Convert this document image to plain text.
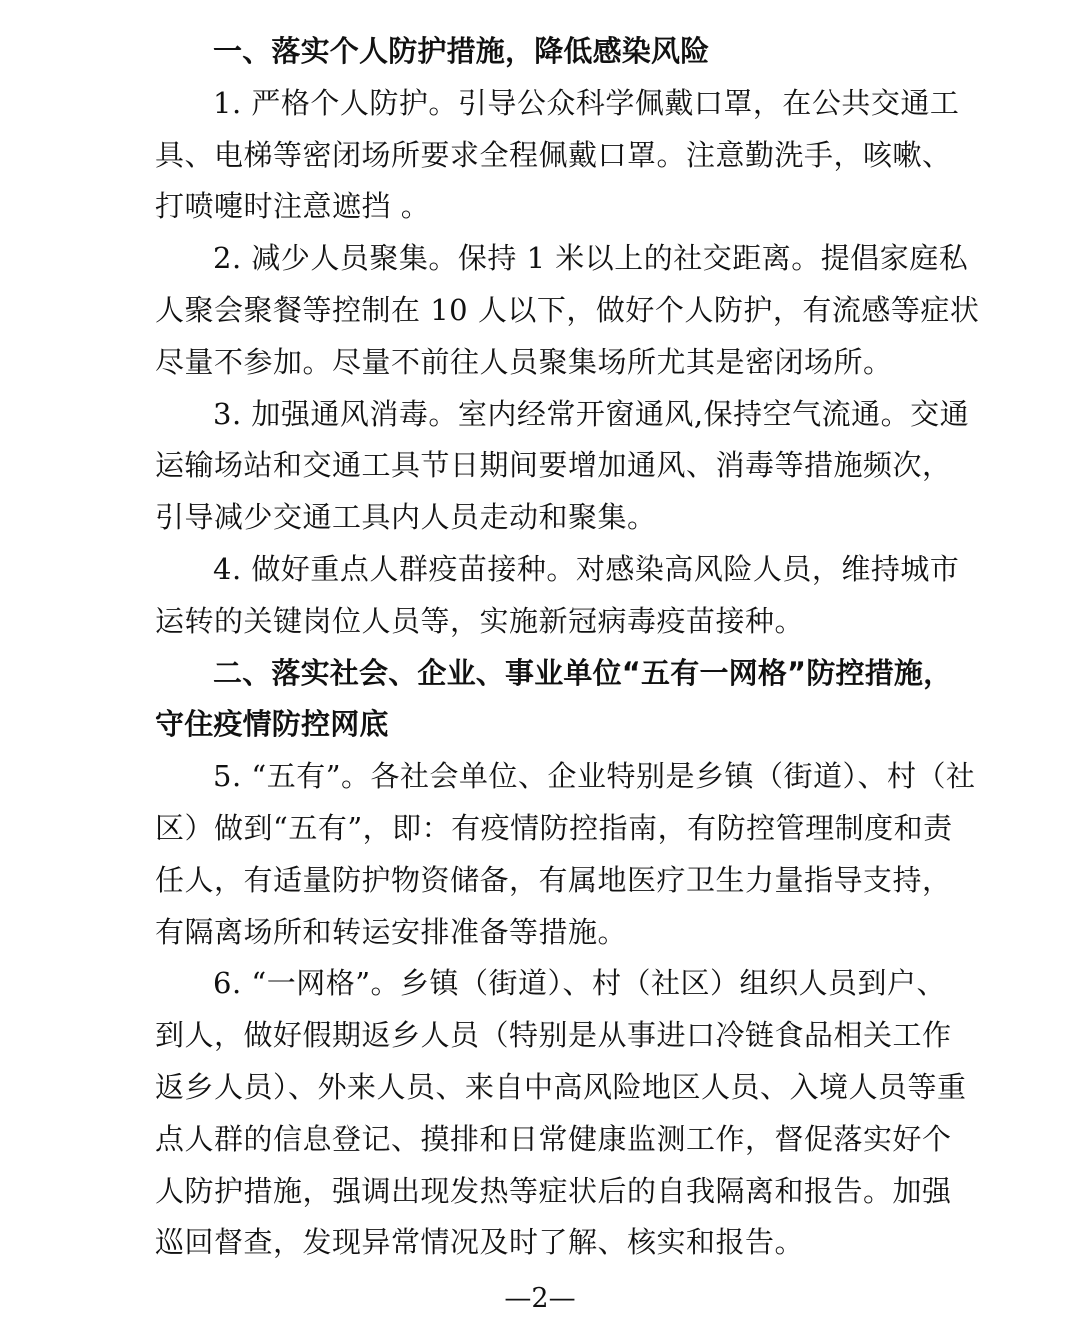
一、落实个人防护措施，降低感染风险
1. 严格个人防护。引导公众科学佩戴口罩，在公共交通工
具、电梯等密闭场所要求全程佩戴口罩。注意勤洗手，咳嗽、
打喷嚏时注意遮挡 。
2. 减少人员聚集。保持 1 米以上的社交距离。提倡家庭私
人聚会聚餐等控制在 10 人以下，做好个人防护，有流感等症状
尽量不参加。尽量不前往人员聚集场所尤其是密闭场所。
3. 加强通风消毒。室内经常开窗通风,保持空气流通。交通
运输场站和交通工具节日期间要增加通风、消毒等措施频次，
引导减少交通工具内人员走动和聚集。
4. 做好重点人群疫苗接种。对感染高风险人员，维持城市
运转的关键岗位人员等，实施新冠病毒疫苗接种。
二、落实社会、企业、事业单位“五有一网格”防控措施，
守住疫情防控网底
5. “五有”。各社会单位、企业特别是乡镇（街道）、村（社
区）做到“五有”，即：有疫情防控指南，有防控管理制度和责
任人，有适量防护物资储备，有属地医疗卫生力量指导支持，
有隔离场所和转运安排准备等措施。
6. “一网格”。乡镇（街道）、村（社区）组织人员到户、
到人，做好假期返乡人员（特别是从事进口冷链食品相关工作
返乡人员）、外来人员、来自中高风险地区人员、入境人员等重
点人群的信息登记、摸排和日常健康监测工作，督促落实好个
人防护措施，强调出现发热等症状后的自我隔离和报告。加强
巡回督查，发现异常情况及时了解、核实和报告。
—2—
